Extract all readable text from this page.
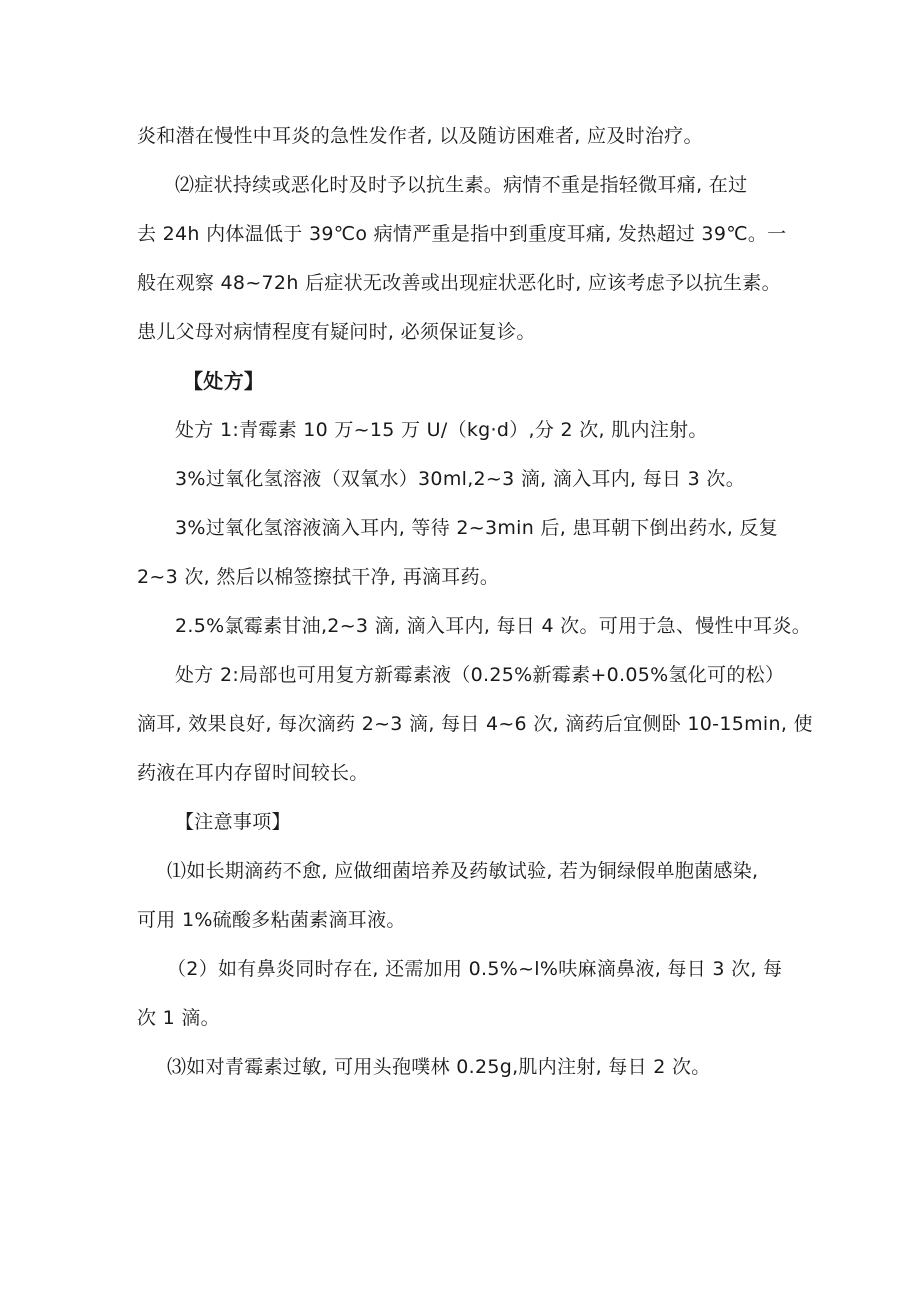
炎和潜在慢性中耳炎的急性发作者, 以及随访困难者, 应及时治疗。
⑵症状持续或恶化时及时予以抗生素。病情不重是指轻微耳痛, 在过
去 24h 内体温低于 39℃o 病情严重是指中到重度耳痛, 发热超过 39℃。一
般在观察 48~72h 后症状无改善或出现症状恶化时, 应该考虑予以抗生素。
患儿父母对病情程度有疑问时, 必须保证复诊。
【处方】
处方 1:青霉素 10 万~15 万 U/（kg·d）,分 2 次, 肌内注射。
3%过氧化氢溶液（双氧水）30ml,2~3 滴, 滴入耳内, 每日 3 次。
3%过氧化氢溶液滴入耳内, 等待 2~3min 后, 患耳朝下倒出药水, 反复
2~3 次, 然后以棉签擦拭干净, 再滴耳药。
2.5%氯霉素甘油,2~3 滴, 滴入耳内, 每日 4 次。可用于急、慢性中耳炎。
处方 2:局部也可用复方新霉素液（0.25%新霉素+0.05%氢化可的松）
滴耳, 效果良好, 每次滴药 2~3 滴, 每日 4~6 次, 滴药后宜侧卧 10-15min, 使
药液在耳内存留时间较长。
【注意事项】
⑴如长期滴药不愈, 应做细菌培养及药敏试验, 若为铜绿假单胞菌感染,
可用 1%硫酸多粘菌素滴耳液。
（2）如有鼻炎同时存在, 还需加用 0.5%~l%呋麻滴鼻液, 每日 3 次, 每
次 1 滴。
⑶如对青霉素过敏, 可用头孢噗林 0.25g,肌内注射, 每日 2 次。
